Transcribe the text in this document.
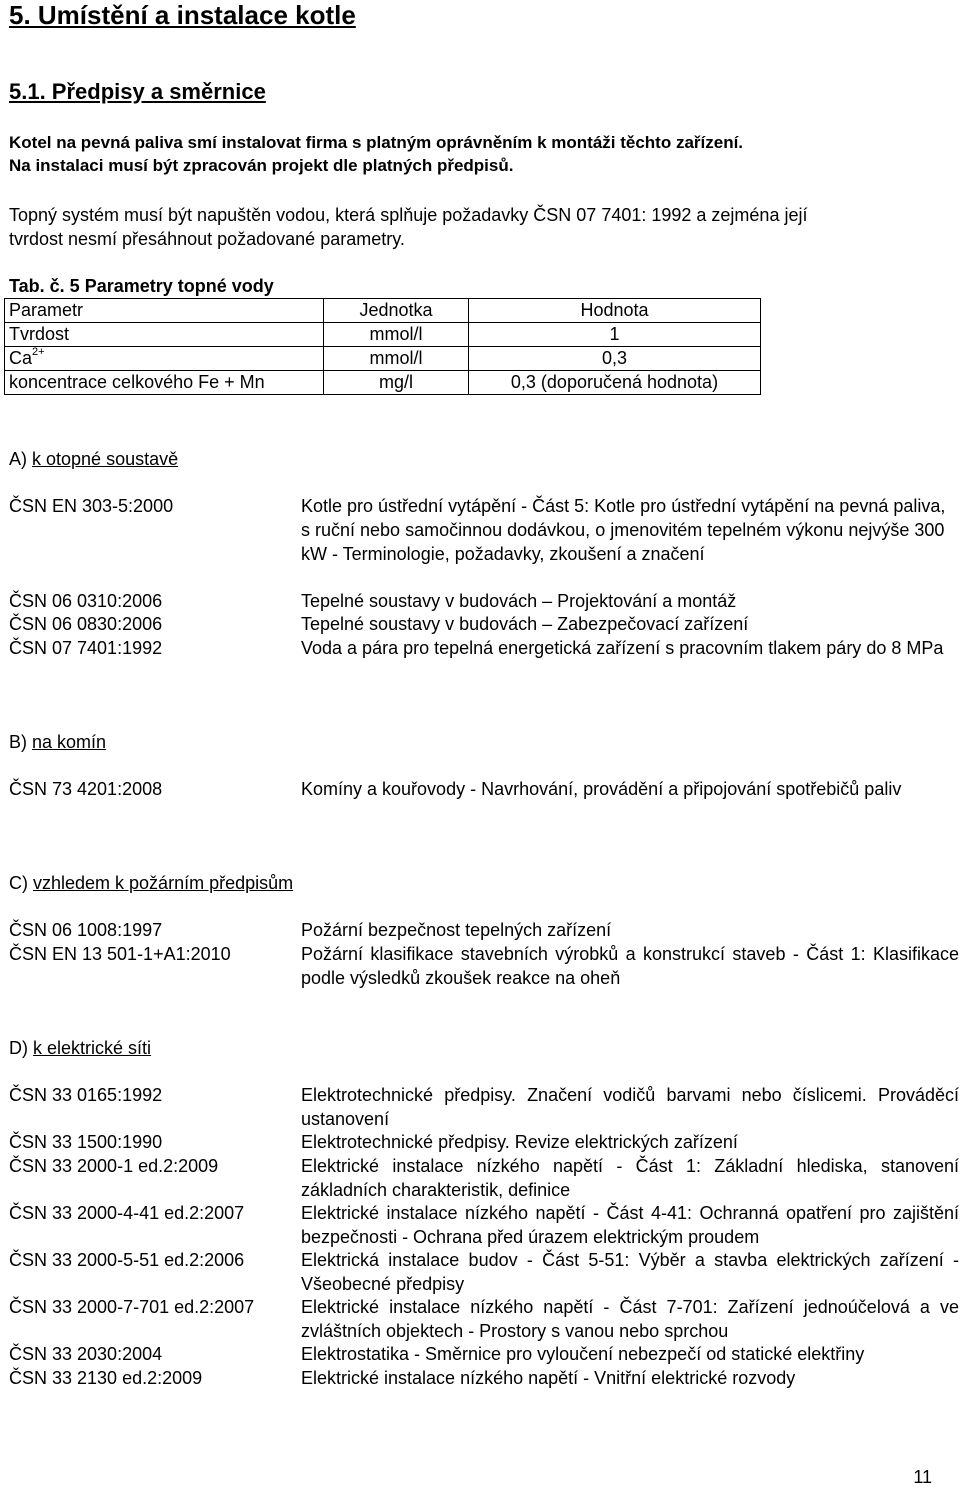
5. Umístění a instalace kotle
5.1. Předpisy a směrnice

Kotel na pevná paliva smí instalovat firma s platným oprávněním k montáži těchto zařízení.

Na instalaci musí být zpracován projekt dle platných předpisů.

Topný systém musí být napuštěn vodou, která splňuje požadavky ČSN 07 7401: 1992 a zejména její

tvrdost nesmí přesáhnout požadované parametry.

Tab. č. 5 Parametry topné vody

Parametr	Jednotka	Hodnota
Tvrdost	mmol/l	1
$Ca^{2+}$	mmol/l	0,3
koncentrace celkového Fe + Mn	mg/l	0,3 (doporučená hodnota)
A) k otopné soustavě
ČSN EN 303-5:2000	Kotle pro ústřední vytápění - Část 5: Kotle pro ústřední vytápění na pevná paliva, s ruční nebo samočinnou dodávkou, o jmenovitém tepelném výkonu nejvýše 300 kW - Terminologie, požadavky, zkoušení a značení
ČSN 06 0310:2006	Tepelné soustavy v budovách – Projektování a montáž
ČSN 06 0830:2006	Tepelné soustavy v budovách – Zabezpečovací zařízení
ČSN 07 7401:1992	Voda a pára pro tepelná energetická zařízení s pracovním tlakem páry do 8 MPa
B) na komín
ČSN 73 4201:2008	Komíny a kouřovody - Navrhování, provádění a připojování spotřebičů paliv
C) vzhledem k požárním předpisům
ČSN 06 1008:1997	Požární bezpečnost tepelných zařízení
ČSN EN 13 501-1+A1:2010	Požární klasifikace stavebních výrobků a konstrukcí staveb - Část 1: Klasifikace podle výsledků zkoušek reakce na oheň
D) k elektrické síti
ČSN 33 0165:1992	Elektrotechnické předpisy. Značení vodičů barvami nebo číslicemi. Prováděcí ustanovení
ČSN 33 1500:1990	Elektrotechnické předpisy. Revize elektrických zařízení
ČSN 33 2000-1 ed.2:2009	Elektrické instalace nízkého napětí - Část 1: Základní hlediska, stanovení základních charakteristik, definice
ČSN 33 2000-4-41 ed.2:2007	Elektrické instalace nízkého napětí - Část 4-41: Ochranná opatření pro zajištění bezpečnosti - Ochrana před úrazem elektrickým proudem
ČSN 33 2000-5-51 ed.2:2006	Elektrická instalace budov - Část 5-51: Výběr a stavba elektrických zařízení - Všeobecné předpisy
ČSN 33 2000-7-701 ed.2:2007	Elektrické instalace nízkého napětí - Část 7-701: Zařízení jednoúčelová a ve zvláštních objektech - Prostory s vanou nebo sprchou
ČSN 33 2030:2004	Elektrostatika - Směrnice pro vyloučení nebezpečí od statické elektřiny
ČSN 33 2130 ed.2:2009	Elektrické instalace nízkého napětí - Vnitřní elektrické rozvody
11
